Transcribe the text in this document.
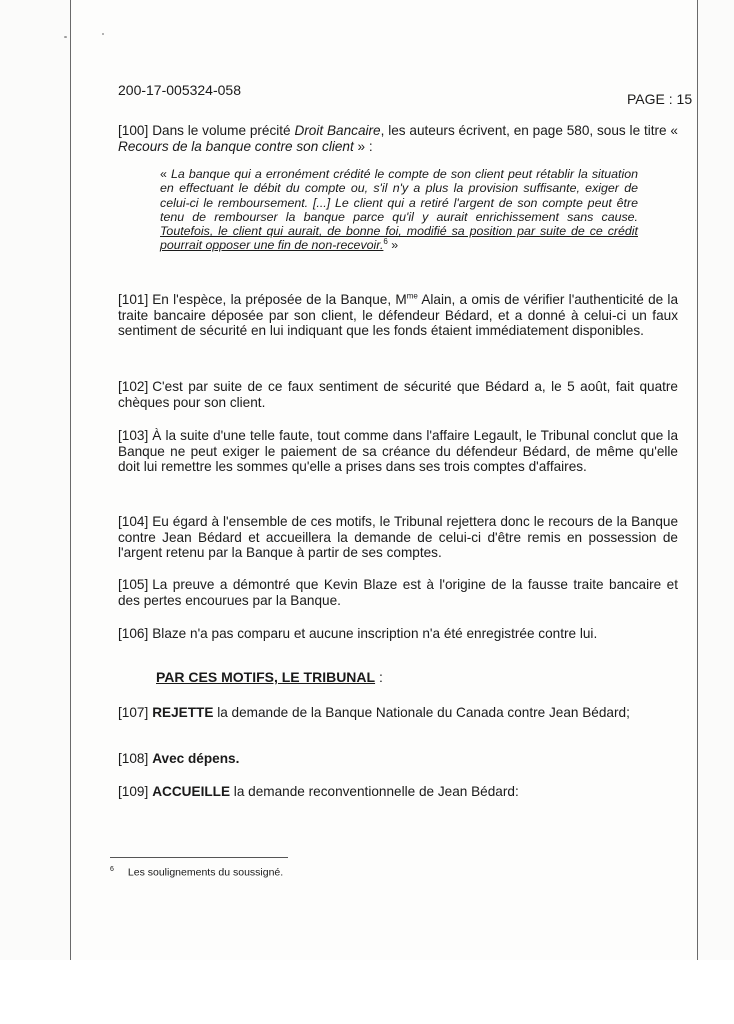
200-17-005324-058
PAGE : 15
[100] Dans le volume précité Droit Bancaire, les auteurs écrivent, en page 580, sous le titre « Recours de la banque contre son client » :
« La banque qui a erronément crédité le compte de son client peut rétablir la situation en effectuant le débit du compte ou, s'il n'y a plus la provision suffisante, exiger de celui-ci le remboursement. [...] Le client qui a retiré l'argent de son compte peut être tenu de rembourser la banque parce qu'il y aurait enrichissement sans cause. Toutefois, le client qui aurait, de bonne foi, modifié sa position par suite de ce crédit pourrait opposer une fin de non-recevoir.$^6$ »
[101] En l'espèce, la préposée de la Banque, $M^{me}$ Alain, a omis de vérifier l'authenticité de la traite bancaire déposée par son client, le défendeur Bédard, et a donné à celui-ci un faux sentiment de sécurité en lui indiquant que les fonds étaient immédiatement disponibles.
[102] C'est par suite de ce faux sentiment de sécurité que Bédard a, le 5 août, fait quatre chèques pour son client.
[103] À la suite d'une telle faute, tout comme dans l'affaire Legault, le Tribunal conclut que la Banque ne peut exiger le paiement de sa créance du défendeur Bédard, de même qu'elle doit lui remettre les sommes qu'elle a prises dans ses trois comptes d'affaires.
[104] Eu égard à l'ensemble de ces motifs, le Tribunal rejettera donc le recours de la Banque contre Jean Bédard et accueillera la demande de celui-ci d'être remis en possession de l'argent retenu par la Banque à partir de ses comptes.
[105] La preuve a démontré que Kevin Blaze est à l'origine de la fausse traite bancaire et des pertes encourues par la Banque.
[106] Blaze n'a pas comparu et aucune inscription n'a été enregistrée contre lui.
PAR CES MOTIFS, LE TRIBUNAL :
[107] REJETTE la demande de la Banque Nationale du Canada contre Jean Bédard;
[108] Avec dépens.
[109] ACCUEILLE la demande reconventionnelle de Jean Bédard:
$^6$ Les soulignements du soussigné.
